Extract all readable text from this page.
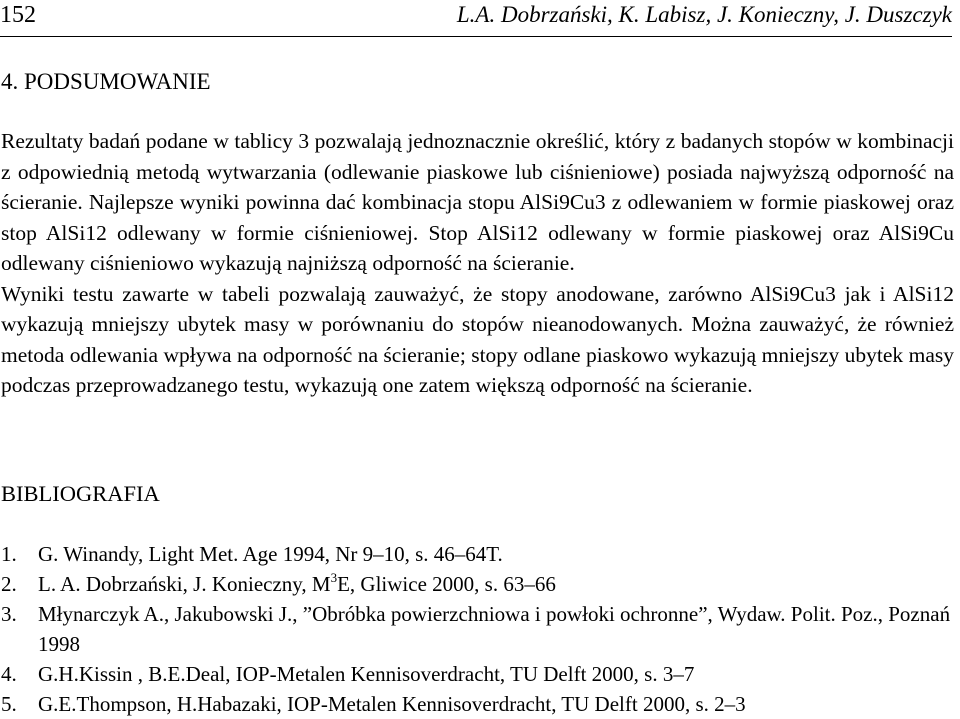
152	L.A. Dobrzański, K. Labisz, J. Konieczny, J. Duszczyk
4. PODSUMOWANIE

Rezultaty badań podane w tablicy 3 pozwalają jednoznacznie określić, który z badanych stopów w kombinacji z odpowiednią metodą wytwarzania (odlewanie piaskowe lub ciśnieniowe) posiada najwyższą odporność na ścieranie. Najlepsze wyniki powinna dać kombinacja stopu AlSi9Cu3 z odlewaniem w formie piaskowej oraz stop AlSi12 odlewany w formie ciśnieniowej. Stop AlSi12 odlewany w formie piaskowej oraz AlSi9Cu odlewany ciśnieniowo wykazują najniższą odporność na ścieranie.

Wyniki testu zawarte w tabeli pozwalają zauważyć, że stopy anodowane, zarówno AlSi9Cu3 jak i AlSi12 wykazują mniejszy ubytek masy w porównaniu do stopów nieanodowanych. Można zauważyć, że również metoda odlewania wpływa na odporność na ścieranie; stopy odlane piaskowo wykazują mniejszy ubytek masy podczas przeprowadzanego testu, wykazują one zatem większą odporność na ścieranie.

BIBLIOGRAFIA
1. G. Winandy, Light Met. Age 1994, Nr 9–10, s. 46–64T.
2. L. A. Dobrzański, J. Konieczny, $M^3E$, Gliwice 2000, s. 63–66
3. Młynarczyk A., Jakubowski J., ”Obróbka powierzchniowa i powłoki ochronne”, Wydaw. Polit. Poz., Poznań 1998
4. G.H.Kissin , B.E.Deal, IOP-Metalen Kennisoverdracht, TU Delft 2000, s. 3–7
5. G.E.Thompson, H.Habazaki, IOP-Metalen Kennisoverdracht, TU Delft 2000, s. 2–3
